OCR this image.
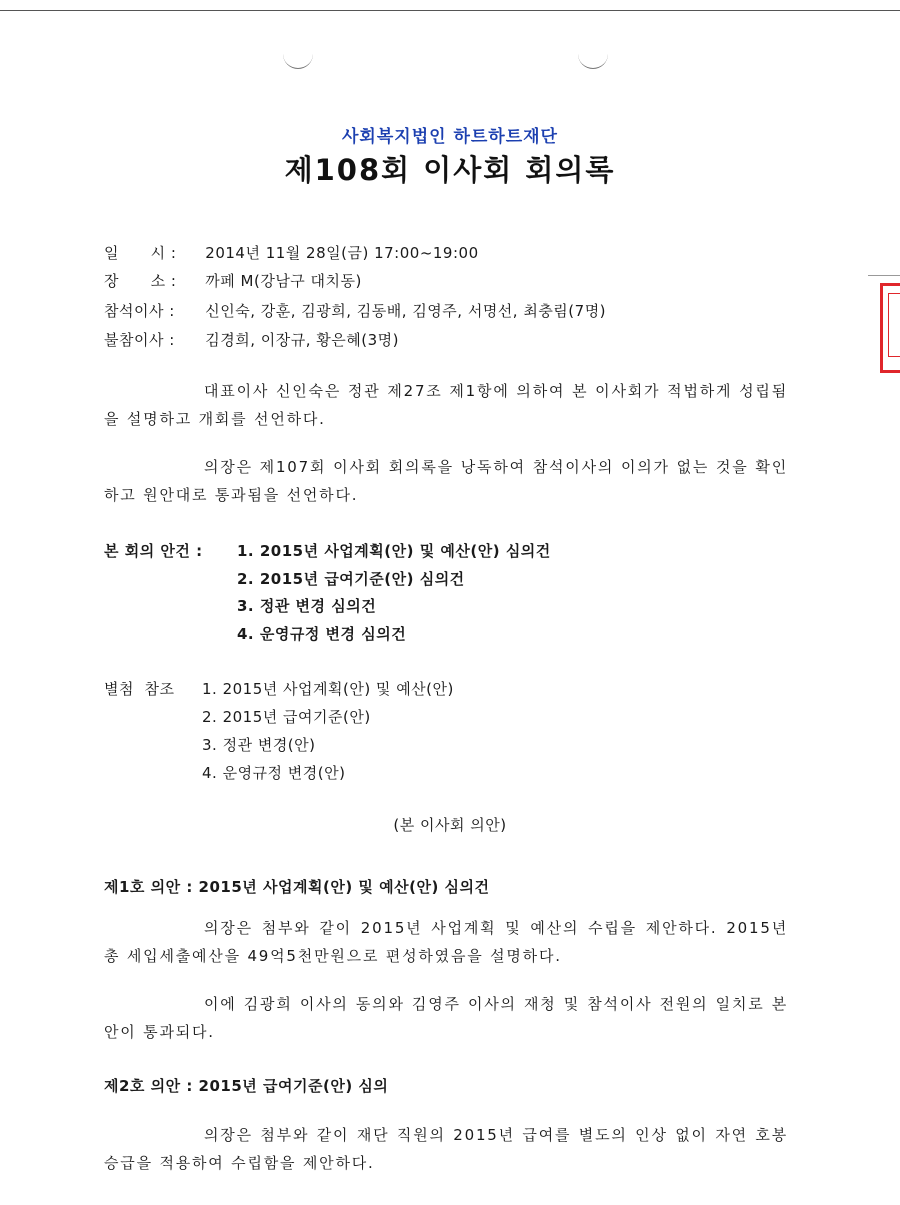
사회복지법인 하트하트재단
제108회 이사회 회의록
일      시 : 2014년 11월 28일(금) 17:00~19:00
장      소 : 까페 M(강남구 대치동)
참석이사 : 신인숙, 강훈, 김광희, 김동배, 김영주, 서명선, 최충림(7명)
불참이사 : 김경희, 이장규, 황은혜(3명)
대표이사 신인숙은 정관 제27조 제1항에 의하여 본 이사회가 적법하게 성립됨을 설명하고 개회를 선언하다.
의장은 제107회 이사회 회의록을 낭독하여 참석이사의 이의가 없는 것을 확인하고 원안대로 통과됨을 선언하다.
본 회의 안건 : 1. 2015년 사업계획(안) 및 예산(안) 심의건
2. 2015년 급여기준(안) 심의건
3. 정관 변경 심의건
4. 운영규정 변경 심의건
별첨  참조 1. 2015년 사업계획(안) 및 예산(안)
2. 2015년 급여기준(안)
3. 정관 변경(안)
4. 운영규정 변경(안)
(본 이사회 의안)
제1호 의안 : 2015년 사업계획(안) 및 예산(안) 심의건
의장은 첨부와 같이 2015년 사업계획 및 예산의 수립을 제안하다. 2015년 총 세입세출예산을 49억5천만원으로 편성하였음을 설명하다.
이에 김광희 이사의 동의와 김영주 이사의 재청 및 참석이사 전원의 일치로 본 안이 통과되다.
제2호 의안 : 2015년 급여기준(안) 심의
의장은 첨부와 같이 재단 직원의 2015년 급여를 별도의 인상 없이 자연 호봉 승급을 적용하여 수립함을 제안하다.
